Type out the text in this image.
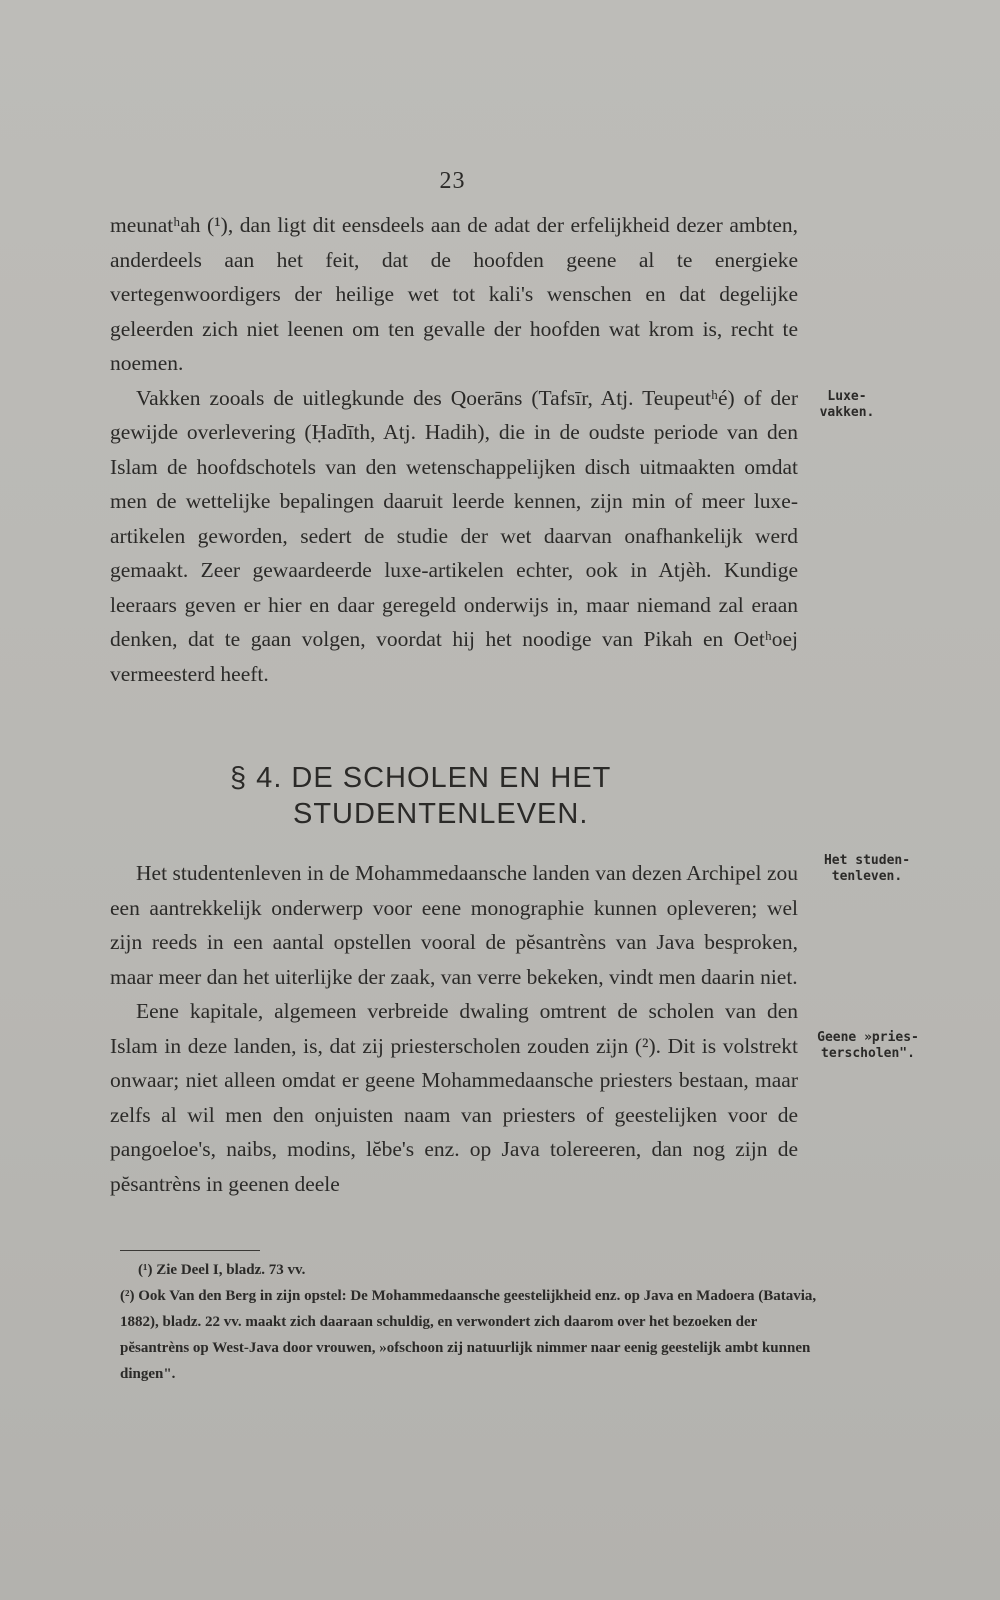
23

meunatʰah (¹), dan ligt dit eensdeels aan de adat der erfelijkheid dezer ambten, anderdeels aan het feit, dat de hoofden geene al te energieke vertegenwoordigers der heilige wet tot kali's wenschen en dat degelijke geleerden zich niet leenen om ten gevalle der hoofden wat krom is, recht te noemen.

Vakken zooals de uitlegkunde des Qoerāns (Tafsīr, Atj. Teupeutʰé) of der gewijde overlevering (Ḥadīth, Atj. Hadih), die in de oudste periode van den Islam de hoofdschotels van den wetenschappelijken disch uitmaakten omdat men de wettelijke bepalingen daaruit leerde kennen, zijn min of meer luxe-artikelen geworden, sedert de studie der wet daarvan onafhankelijk werd gemaakt. Zeer gewaardeerde luxe-artikelen echter, ook in Atjèh. Kundige leeraars geven er hier en daar geregeld onderwijs in, maar niemand zal eraan denken, dat te gaan volgen, voordat hij het noodige van Pikah en Oetʰoej vermeesterd heeft.

Luxe-vakken.
§ 4. DE SCHOLEN EN HET
STUDENTENLEVEN.

Het studentenleven in de Mohammedaansche landen van dezen Archipel zou een aantrekkelijk onderwerp voor eene monographie kunnen opleveren; wel zijn reeds in een aantal opstellen vooral de pĕsantrèns van Java besproken, maar meer dan het uiterlijke der zaak, van verre bekeken, vindt men daarin niet.

Eene kapitale, algemeen verbreide dwaling omtrent de scholen van den Islam in deze landen, is, dat zij priesterscholen zouden zijn (²). Dit is volstrekt onwaar; niet alleen omdat er geene Mohammedaansche priesters bestaan, maar zelfs al wil men den onjuisten naam van priesters of geestelijken voor de pangoeloe's, naibs, modins, lĕbe's enz. op Java tolereeren, dan nog zijn de pĕsantrèns in geenen deele

Het studen-tenleven.
Geene »pries-terscholen".

(¹) Zie Deel I, bladz. 73 vv.

(²) Ook Van den Berg in zijn opstel: De Mohammedaansche geestelijkheid enz. op Java en Madoera (Batavia, 1882), bladz. 22 vv. maakt zich daaraan schuldig, en verwondert zich daarom over het bezoeken der pĕsantrèns op West-Java door vrouwen, »ofschoon zij natuurlijk nimmer naar eenig geestelijk ambt kunnen dingen".
